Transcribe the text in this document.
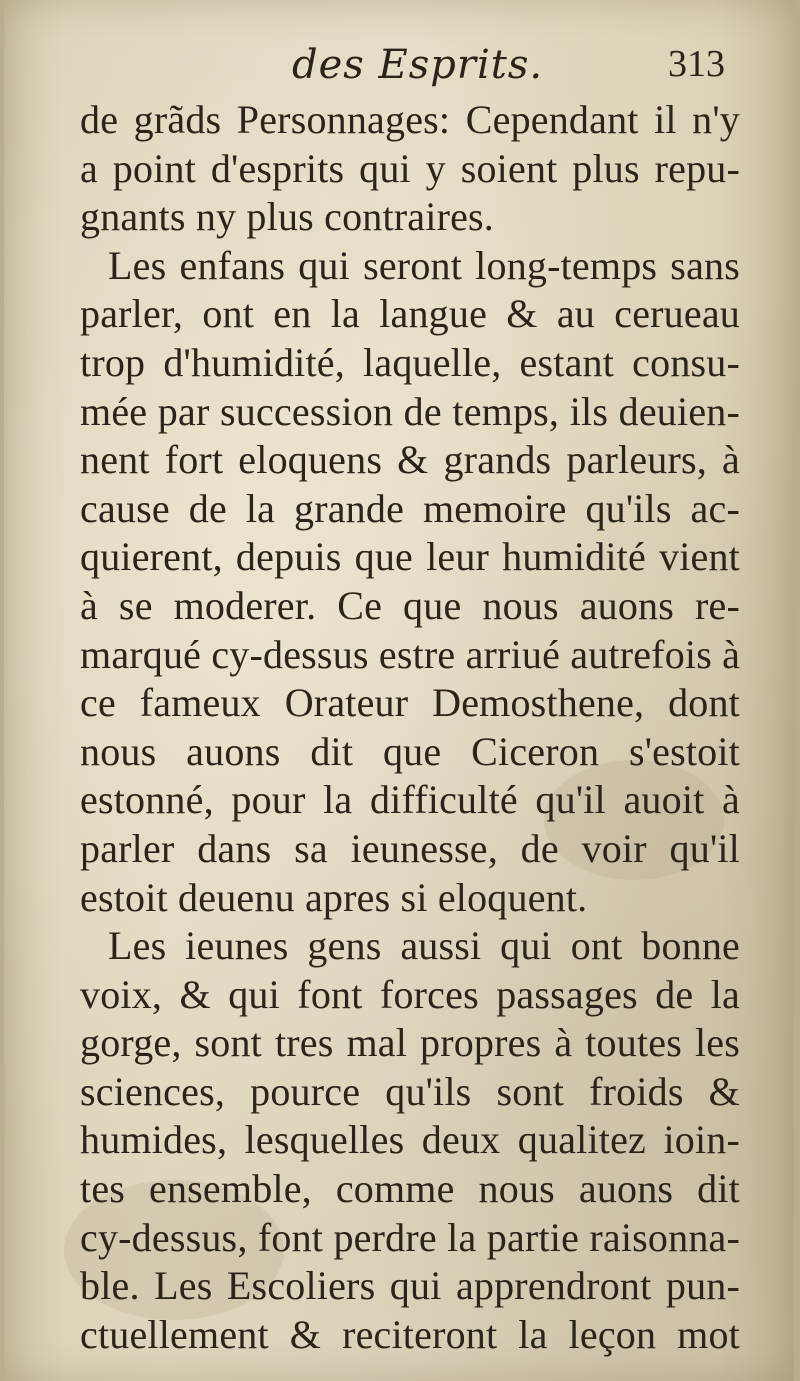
des Esprits.	313
de grãds Personnages: Cependant il n'y
a point d'esprits qui y soient plus repu-
gnants ny plus contraires.
Les enfans qui seront long-temps sans
parler, ont en la langue & au cerueau
trop d'humidité, laquelle, estant consu-
mée par succession de temps, ils deuien-
nent fort eloquens & grands parleurs, à
cause de la grande memoire qu'ils ac-
quierent, depuis que leur humidité vient
à se moderer. Ce que nous auons re-
marqué cy-dessus estre arriué autrefois à
ce fameux Orateur Demosthene, dont
nous auons dit que Ciceron s'estoit
estonné, pour la difficulté qu'il auoit à
parler dans sa ieunesse, de voir qu'il
estoit deuenu apres si eloquent.
Les ieunes gens aussi qui ont bonne
voix, & qui font forces passages de la
gorge, sont tres mal propres à toutes les
sciences, pource qu'ils sont froids &
humides, lesquelles deux qualitez ioin-
tes ensemble, comme nous auons dit
cy-dessus, font perdre la partie raisonna-
ble. Les Escoliers qui apprendront pun-
ctuellement & reciteront la leçon mot
